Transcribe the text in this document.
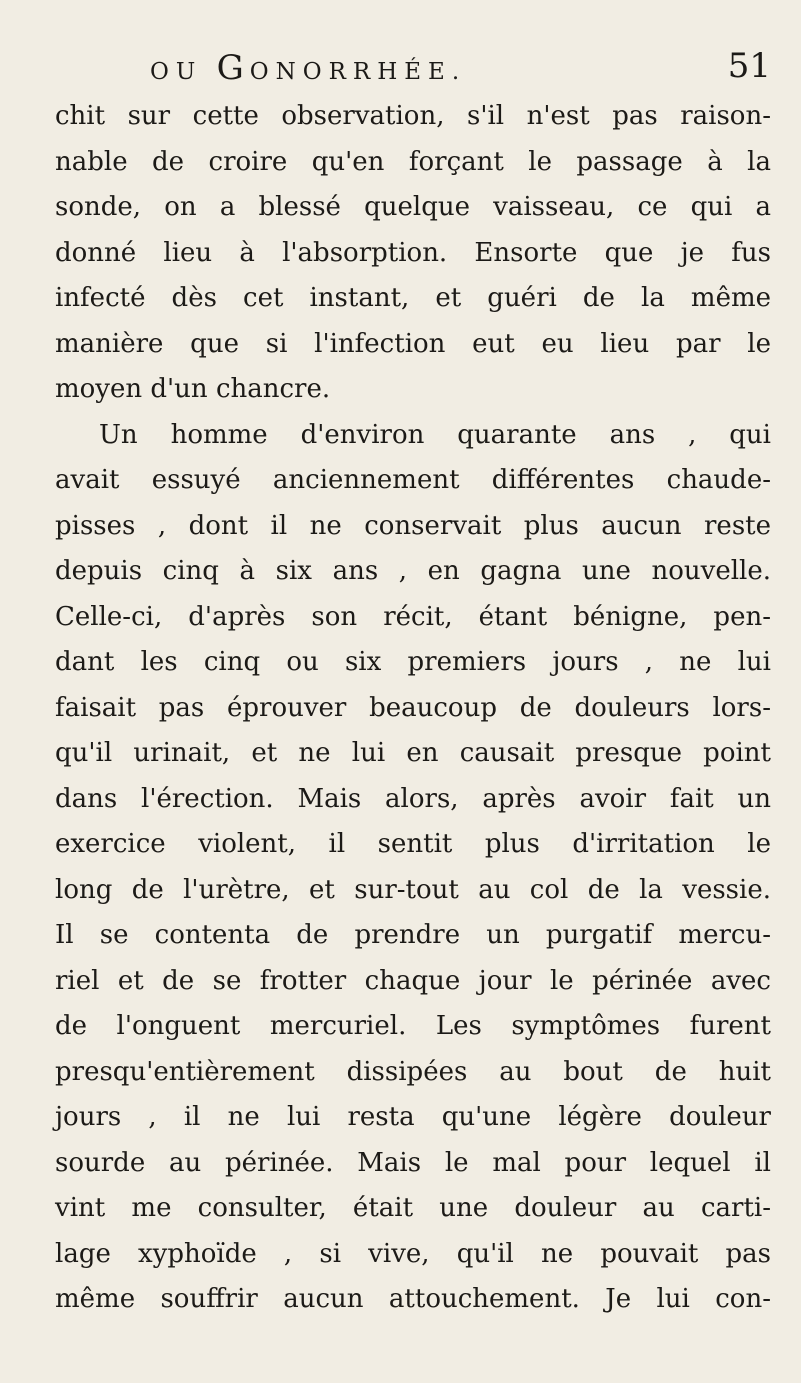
OU GONORRHÉE.	51
chit sur cette observation, s'il n'est pas raison-
nable de croire qu'en forçant le passage à la
sonde, on a blessé quelque vaisseau, ce qui a
donné lieu à l'absorption. Ensorte que je fus
infecté dès cet instant, et guéri de la même
manière que si l'infection eut eu lieu par le
moyen d'un chancre.
Un homme d'environ quarante ans , qui
avait essuyé anciennement différentes chaude-
pisses , dont il ne conservait plus aucun reste
depuis cinq à six ans , en gagna une nouvelle.
Celle-ci, d'après son récit, étant bénigne, pen-
dant les cinq ou six premiers jours , ne lui
faisait pas éprouver beaucoup de douleurs lors-
qu'il urinait, et ne lui en causait presque point
dans l'érection. Mais alors, après avoir fait un
exercice violent, il sentit plus d'irritation le
long de l'urètre, et sur-tout au col de la vessie.
Il se contenta de prendre un purgatif mercu-
riel et de se frotter chaque jour le périnée avec
de l'onguent mercuriel. Les symptômes furent
presqu'entièrement dissipées au bout de huit
jours , il ne lui resta qu'une légère douleur
sourde au périnée. Mais le mal pour lequel il
vint me consulter, était une douleur au carti-
lage xyphoïde , si vive, qu'il ne pouvait pas
même souffrir aucun attouchement. Je lui con-
